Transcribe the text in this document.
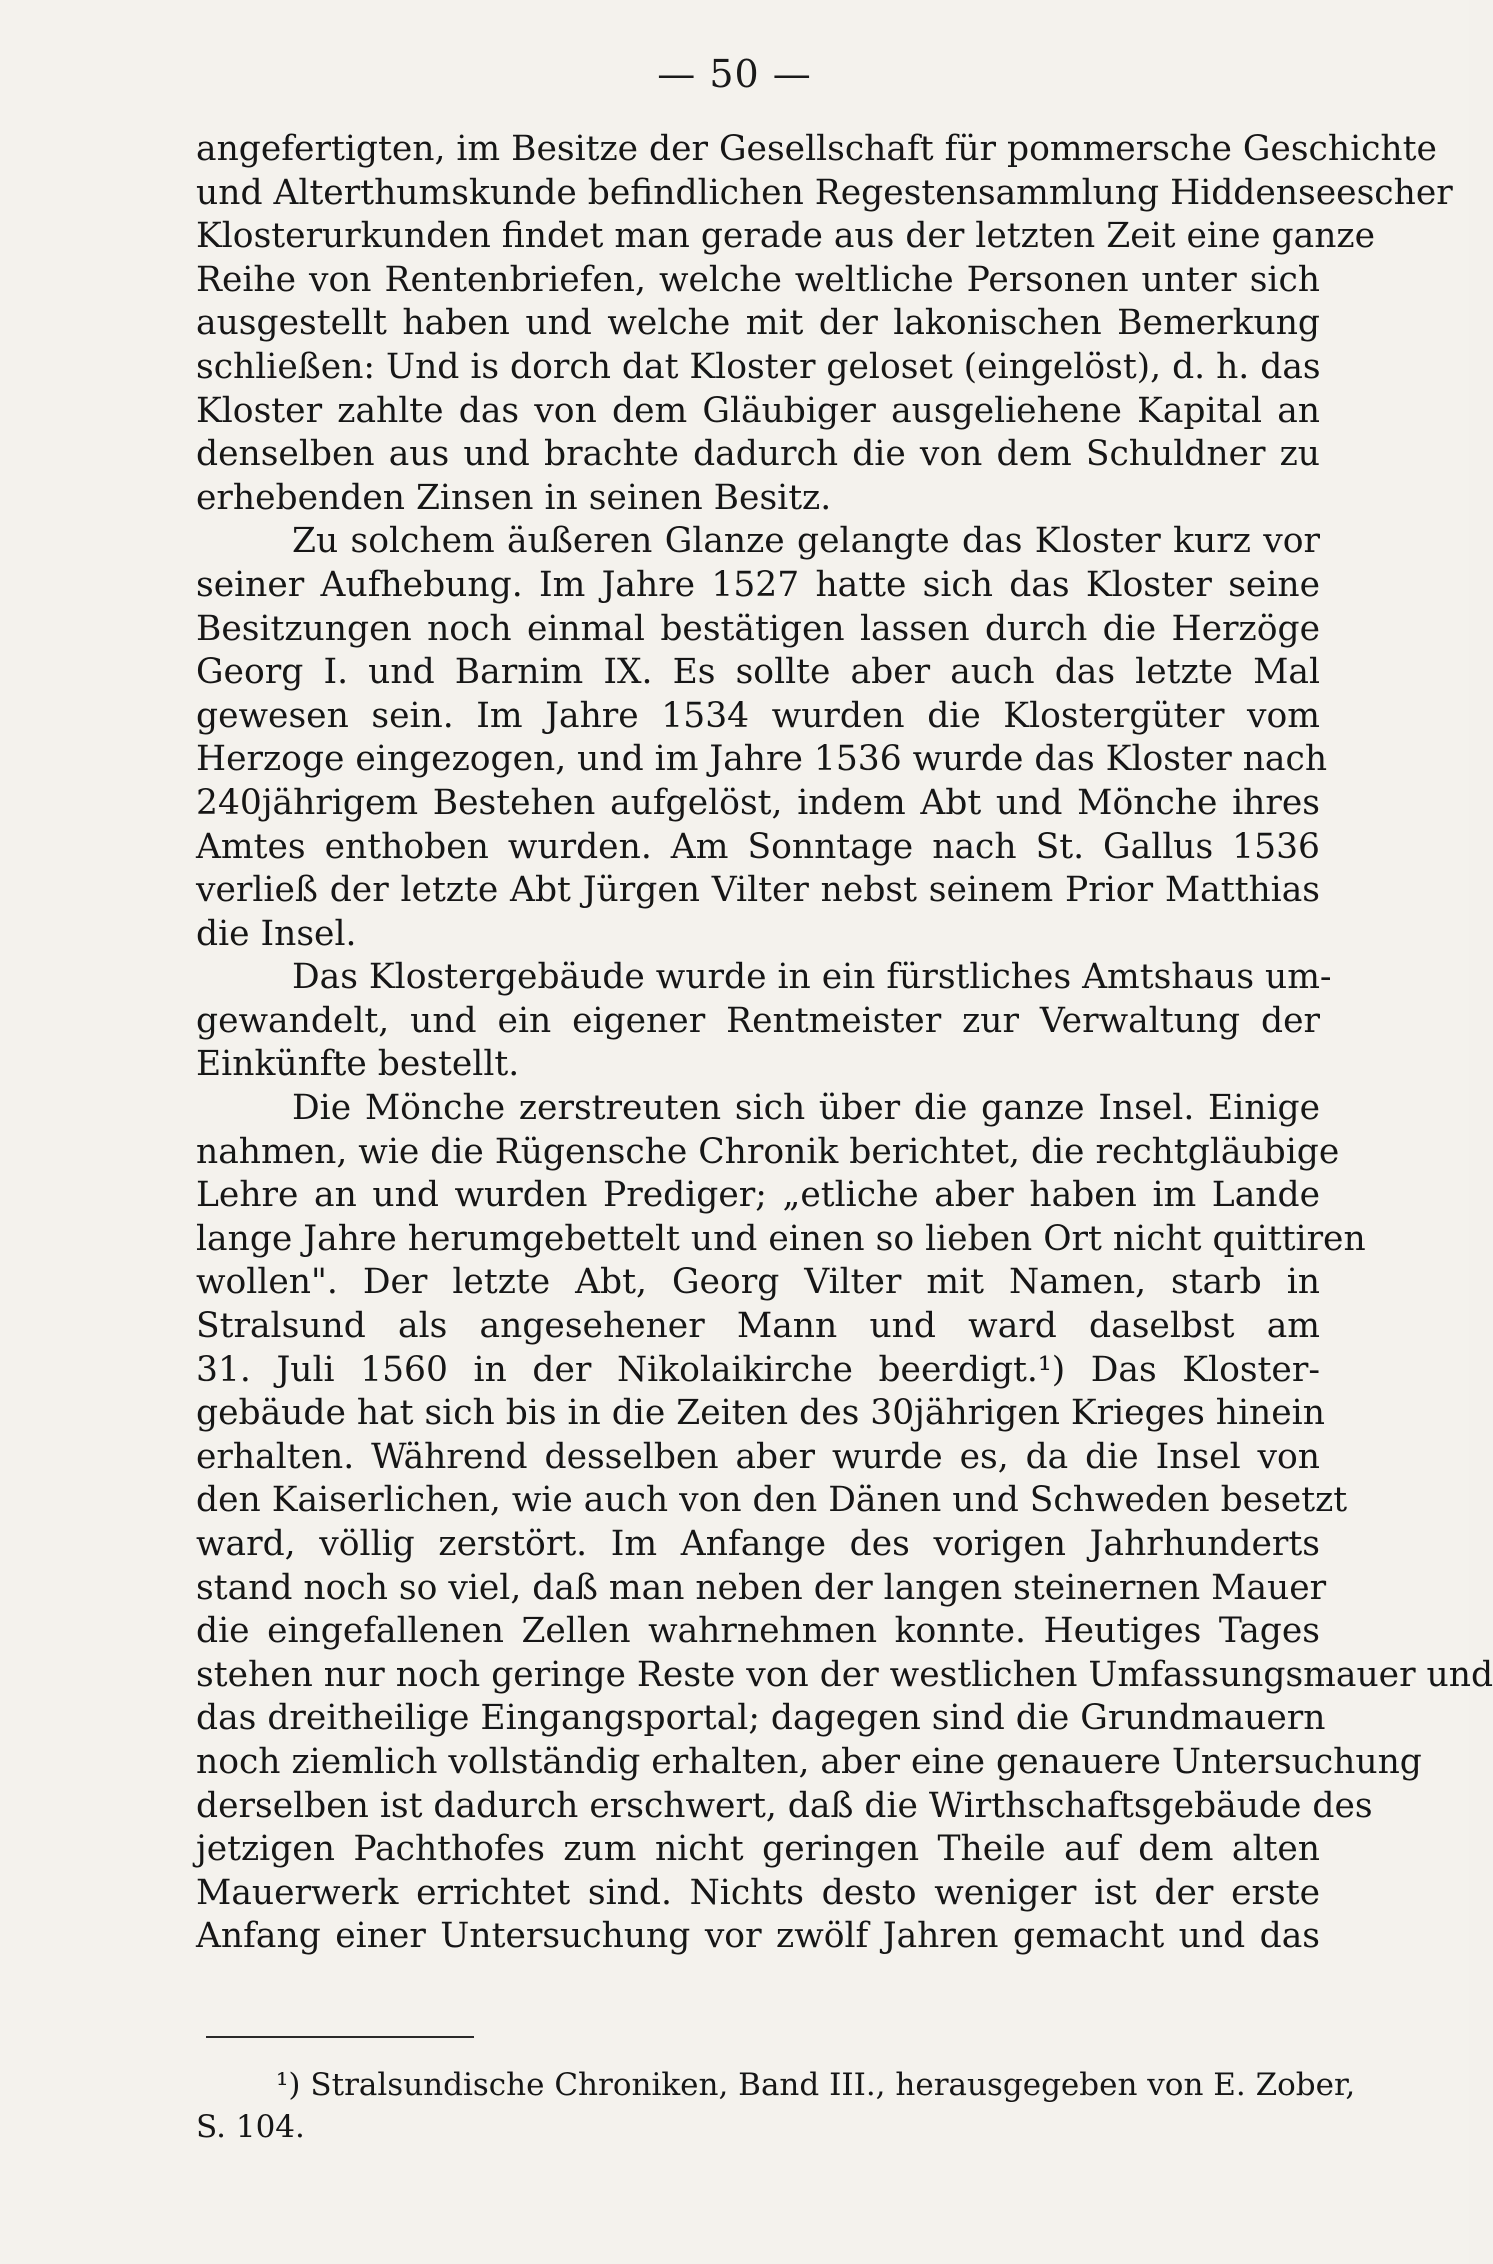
— 50 —
angefertigten, im Besitze der Gesellschaft für pommersche Geschichte
und Alterthumskunde befindlichen Regestensammlung Hiddenseescher
Klosterurkunden findet man gerade aus der letzten Zeit eine ganze
Reihe von Rentenbriefen, welche weltliche Personen unter sich
ausgestellt haben und welche mit der lakonischen Bemerkung
schließen: Und is dorch dat Kloster geloset (eingelöst), d. h. das
Kloster zahlte das von dem Gläubiger ausgeliehene Kapital an
denselben aus und brachte dadurch die von dem Schuldner zu
erhebenden Zinsen in seinen Besitz.
Zu solchem äußeren Glanze gelangte das Kloster kurz vor
seiner Aufhebung. Im Jahre 1527 hatte sich das Kloster seine
Besitzungen noch einmal bestätigen lassen durch die Herzöge
Georg I. und Barnim IX. Es sollte aber auch das letzte Mal
gewesen sein. Im Jahre 1534 wurden die Klostergüter vom
Herzoge eingezogen, und im Jahre 1536 wurde das Kloster nach
240jährigem Bestehen aufgelöst, indem Abt und Mönche ihres
Amtes enthoben wurden. Am Sonntage nach St. Gallus 1536
verließ der letzte Abt Jürgen Vilter nebst seinem Prior Matthias
die Insel.
Das Klostergebäude wurde in ein fürstliches Amtshaus um-
gewandelt, und ein eigener Rentmeister zur Verwaltung der
Einkünfte bestellt.
Die Mönche zerstreuten sich über die ganze Insel. Einige
nahmen, wie die Rügensche Chronik berichtet, die rechtgläubige
Lehre an und wurden Prediger; „etliche aber haben im Lande
lange Jahre herumgebettelt und einen so lieben Ort nicht quittiren
wollen". Der letzte Abt, Georg Vilter mit Namen, starb in
Stralsund als angesehener Mann und ward daselbst am
31. Juli 1560 in der Nikolaikirche beerdigt.¹) Das Kloster-
gebäude hat sich bis in die Zeiten des 30jährigen Krieges hinein
erhalten. Während desselben aber wurde es, da die Insel von
den Kaiserlichen, wie auch von den Dänen und Schweden besetzt
ward, völlig zerstört. Im Anfange des vorigen Jahrhunderts
stand noch so viel, daß man neben der langen steinernen Mauer
die eingefallenen Zellen wahrnehmen konnte. Heutiges Tages
stehen nur noch geringe Reste von der westlichen Umfassungsmauer und
das dreitheilige Eingangsportal; dagegen sind die Grundmauern
noch ziemlich vollständig erhalten, aber eine genauere Untersuchung
derselben ist dadurch erschwert, daß die Wirthschaftsgebäude des
jetzigen Pachthofes zum nicht geringen Theile auf dem alten
Mauerwerk errichtet sind. Nichts desto weniger ist der erste
Anfang einer Untersuchung vor zwölf Jahren gemacht und das
¹) Stralsundische Chroniken, Band III., herausgegeben von E. Zober,
S. 104.
